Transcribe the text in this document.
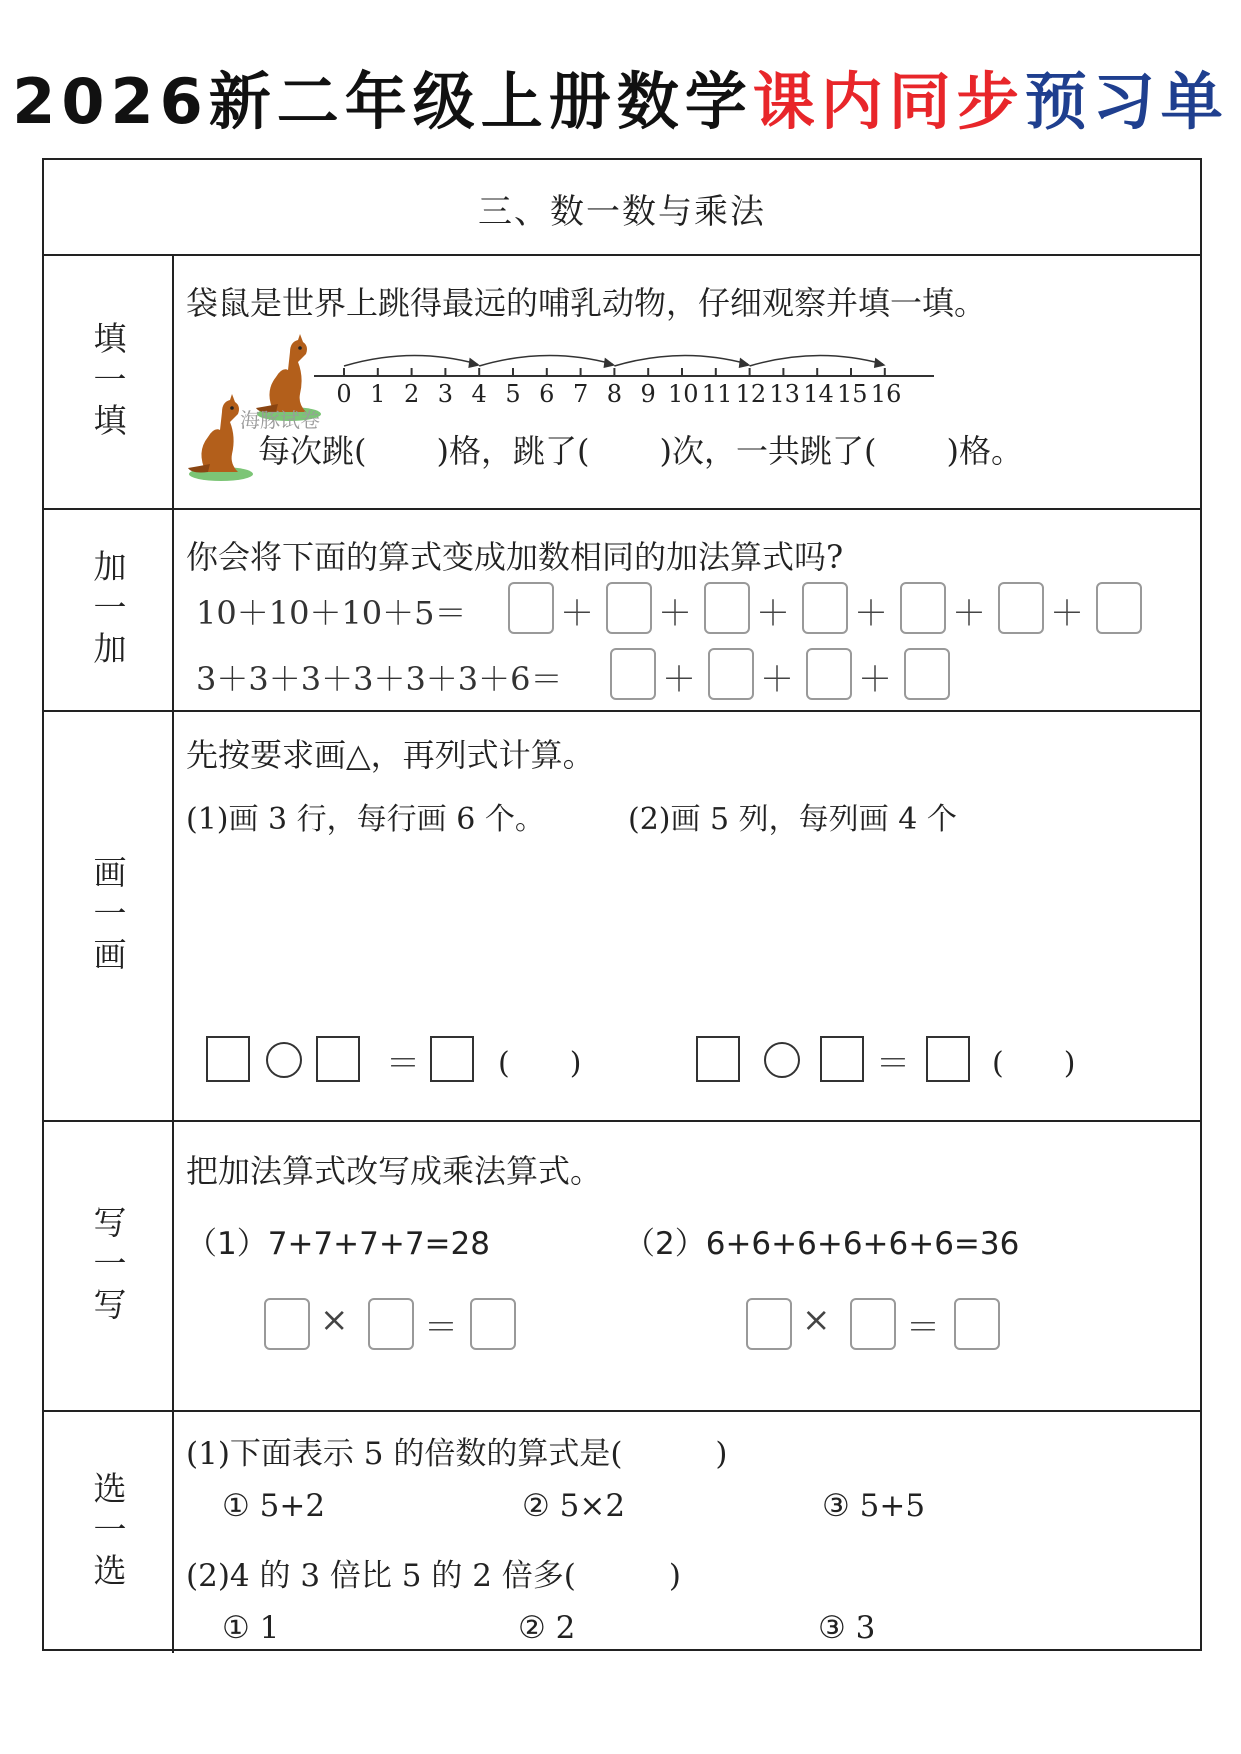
2026新二年级上册数学课内同步预习单
三、数一数与乘法
填一填
袋鼠是世界上跳得最远的哺乳动物，仔细观察并填一填。
海豚试卷
0 1 2 3 4 5 6 7 8 9 10 11 12 13 14 15 16
每次跳( )格，跳了( )次，一共跳了( )格。
加一加 你会将下面的算式变成加数相同的加法算式吗?
10＋10＋10＋5＝	＋ ＋ ＋ ＋ ＋ ＋
3＋3＋3＋3＋3＋3＋6＝	＋ ＋ ＋
画一画
先按要求画△，再列式计算。
(1)画 3 行，每行画 6 个。	(2)画 5 列，每列画 4 个
＝	(　　)	＝	(　　)
写一写
把加法算式改写成乘法算式。
（1）7+7+7+7=28	（2）6+6+6+6+6+6=36
× ＝	× ＝
选一选
(1)下面表示 5 的倍数的算式是(　　　)
① 5+2	② 5×2	③ 5+5
(2)4 的 3 倍比 5 的 2 倍多(　　　)
① 1	② 2	③ 3
